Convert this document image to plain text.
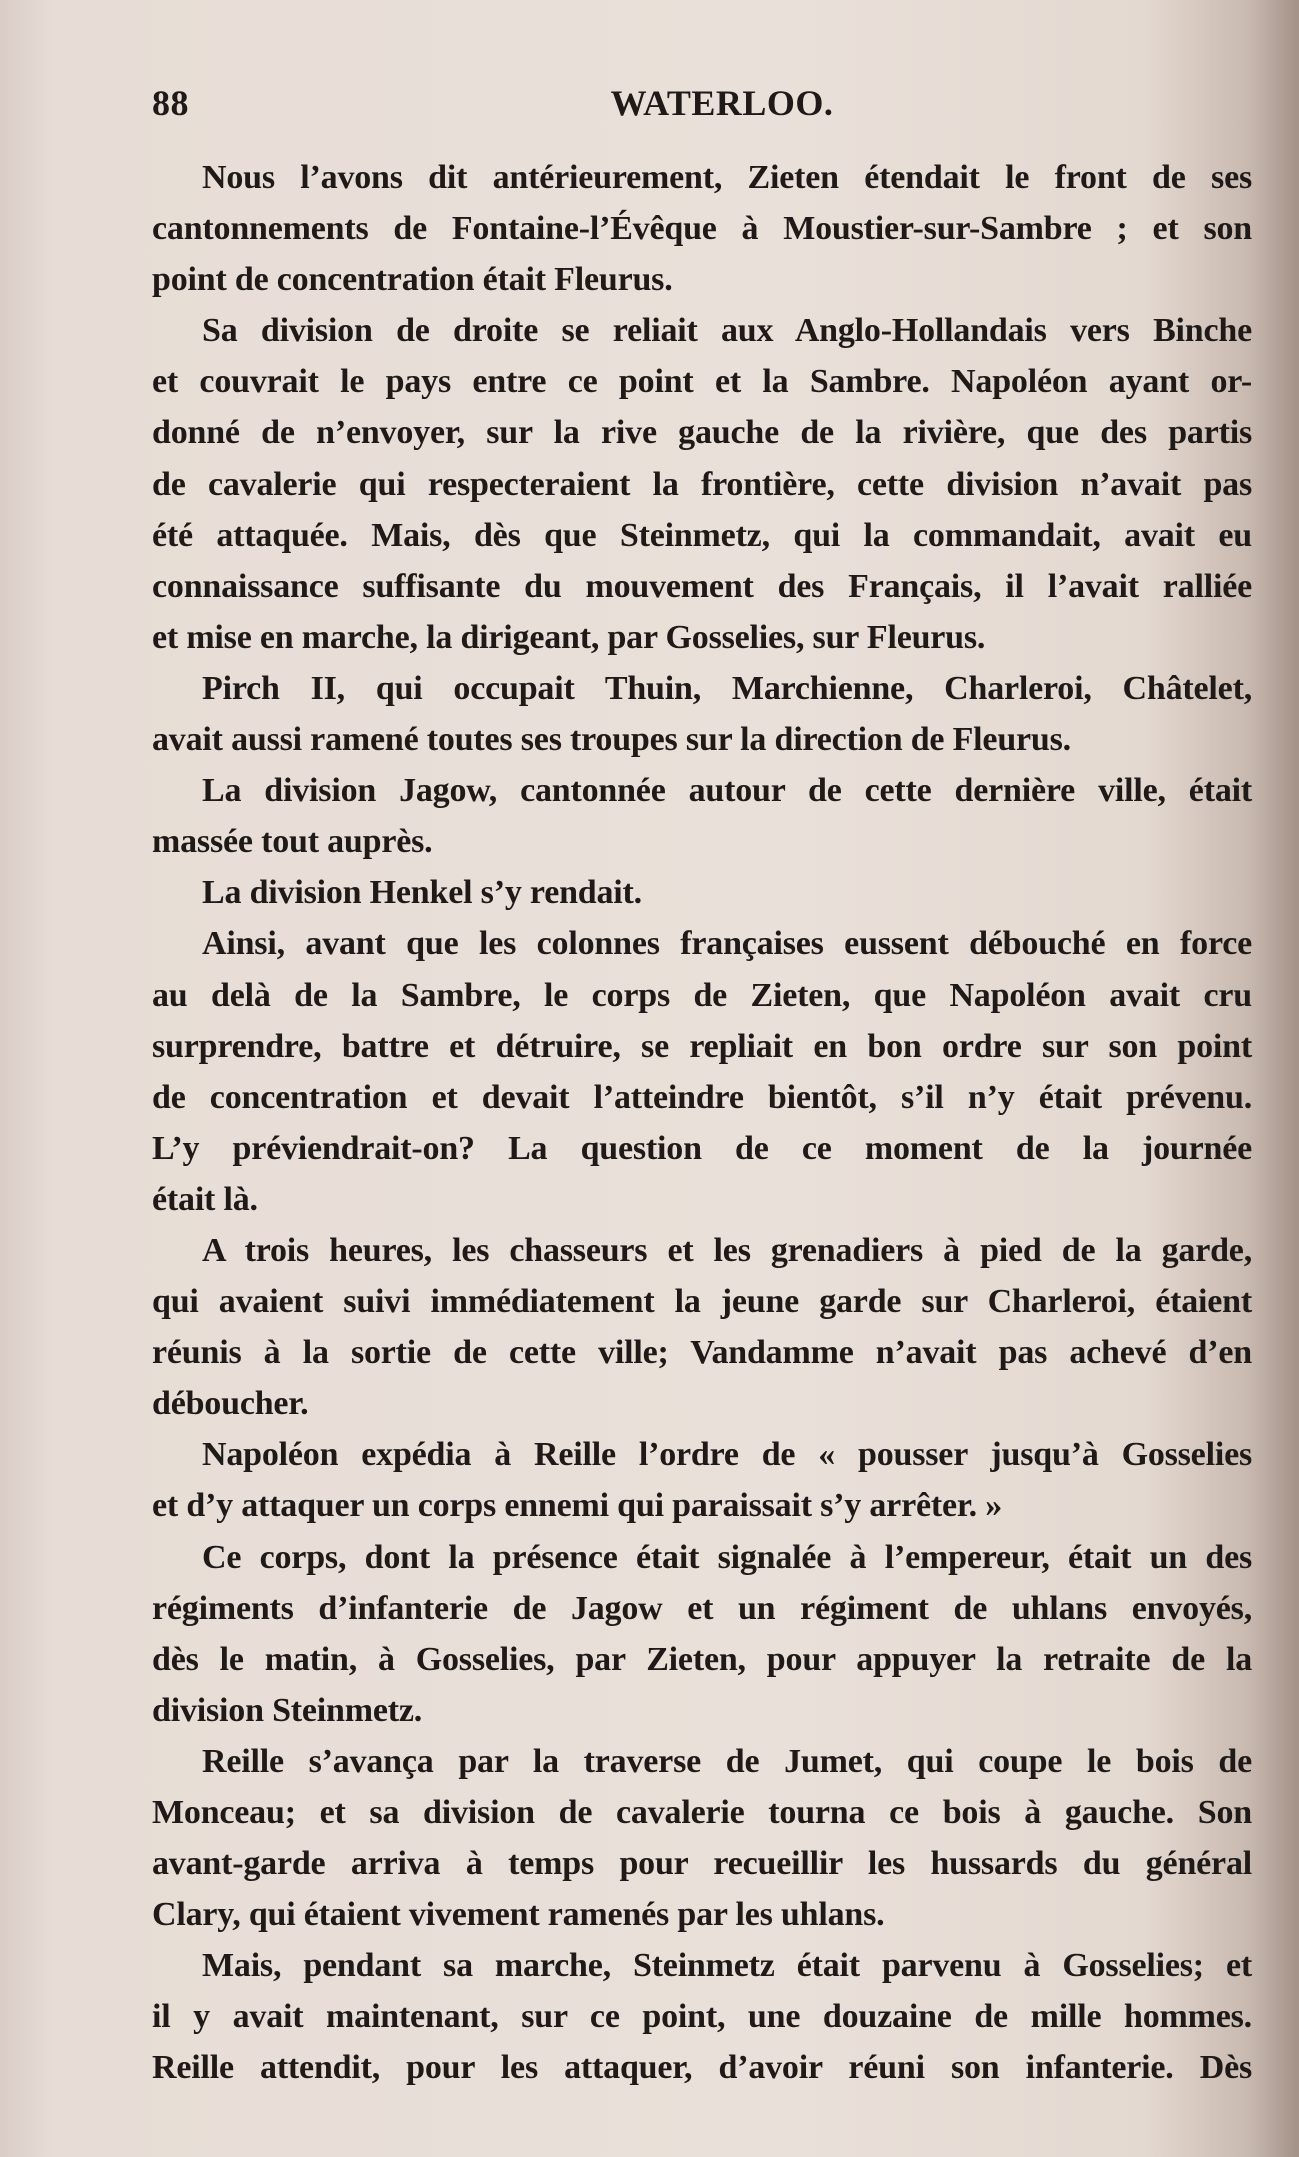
88	WATERLOO.
Nous l’avons dit antérieurement, Zieten étendait le front de ses
cantonnements de Fontaine-l’Évêque à Moustier-sur-Sambre ; et son
point de concentration était Fleurus.
Sa division de droite se reliait aux Anglo-Hollandais vers Binche
et couvrait le pays entre ce point et la Sambre. Napoléon ayant or-
donné de n’envoyer, sur la rive gauche de la rivière, que des partis
de cavalerie qui respecteraient la frontière, cette division n’avait pas
été attaquée. Mais, dès que Steinmetz, qui la commandait, avait eu
connaissance suffisante du mouvement des Français, il l’avait ralliée
et mise en marche, la dirigeant, par Gosselies, sur Fleurus.
Pirch II, qui occupait Thuin, Marchienne, Charleroi, Châtelet,
avait aussi ramené toutes ses troupes sur la direction de Fleurus.
La division Jagow, cantonnée autour de cette dernière ville, était
massée tout auprès.
La division Henkel s’y rendait.
Ainsi, avant que les colonnes françaises eussent débouché en force
au delà de la Sambre, le corps de Zieten, que Napoléon avait cru
surprendre, battre et détruire, se repliait en bon ordre sur son point
de concentration et devait l’atteindre bientôt, s’il n’y était prévenu.
L’y préviendrait-on? La question de ce moment de la journée
était là.
A trois heures, les chasseurs et les grenadiers à pied de la garde,
qui avaient suivi immédiatement la jeune garde sur Charleroi, étaient
réunis à la sortie de cette ville; Vandamme n’avait pas achevé d’en
déboucher.
Napoléon expédia à Reille l’ordre de « pousser jusqu’à Gosselies
et d’y attaquer un corps ennemi qui paraissait s’y arrêter. »
Ce corps, dont la présence était signalée à l’empereur, était un des
régiments d’infanterie de Jagow et un régiment de uhlans envoyés,
dès le matin, à Gosselies, par Zieten, pour appuyer la retraite de la
division Steinmetz.
Reille s’avança par la traverse de Jumet, qui coupe le bois de
Monceau; et sa division de cavalerie tourna ce bois à gauche. Son
avant-garde arriva à temps pour recueillir les hussards du général
Clary, qui étaient vivement ramenés par les uhlans.
Mais, pendant sa marche, Steinmetz était parvenu à Gosselies; et
il y avait maintenant, sur ce point, une douzaine de mille hommes.
Reille attendit, pour les attaquer, d’avoir réuni son infanterie. Dès
